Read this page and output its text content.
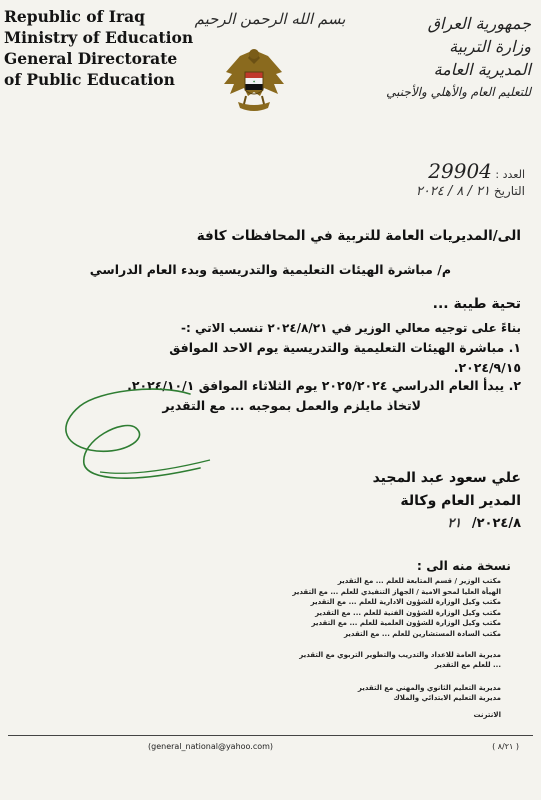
Republic of Iraq
Ministry of Education
General Directorate
of Public Education
بسم الله الرحمن الرحيم
✶
جمهورية العراق
وزارة التربية
المديرية العامة
للتعليم العام والأهلي والأجنبي
العدد : 29904
التاريخ ٢١ / ٨ / ٢٠٢٤
الى/المديريات العامة للتربية في المحافظات كافة
م/ مباشرة الهيئات التعليمية والتدريسية وبدء العام الدراسي
تحية طيبة ...
بناءً على توجيه معالي الوزير في ٢٠٢٤/٨/٢١ تنسب الاتي :-
١. مباشرة الهيئات التعليمية والتدريسية يوم الاحد الموافق
٢٠٢٤/٩/١٥.
٢. يبدأ العام الدراسي ٢٠٢٥/٢٠٢٤ يوم الثلاثاء الموافق ٢٠٢٤/١٠/١.
لاتخاذ مايلزم والعمل بموجبه ... مع التقدير
علي سعود عبد المجيد
المدير العام وكالة
٢٠٢٤/٨/ ٢١
نسخة منه الى :
مكتب الوزير / قسم المتابعة للعلم ... مع التقدير
الهيأة العليا لمحو الامية / الجهاز التنفيذي للعلم ... مع التقدير
مكتب وكيل الوزارة للشؤون الادارية للعلم ... مع التقدير
مكتب وكيل الوزارة للشؤون الفنية للعلم ... مع التقدير
مكتب وكيل الوزارة للشؤون العلمية للعلم ... مع التقدير
مكتب السادة المستشارين للعلم ... مع التقدير
مديرية العامة للاعداد والتدريب والتطوير التربوي مع التقدير
... للعلم مع التقدير
مديرية التعليم الثانوي والمهني مع التقدير
مديرية التعليم الابتدائي والملاك
الانترنت
(general_national@yahoo.com)	( ٨/٢١ )
